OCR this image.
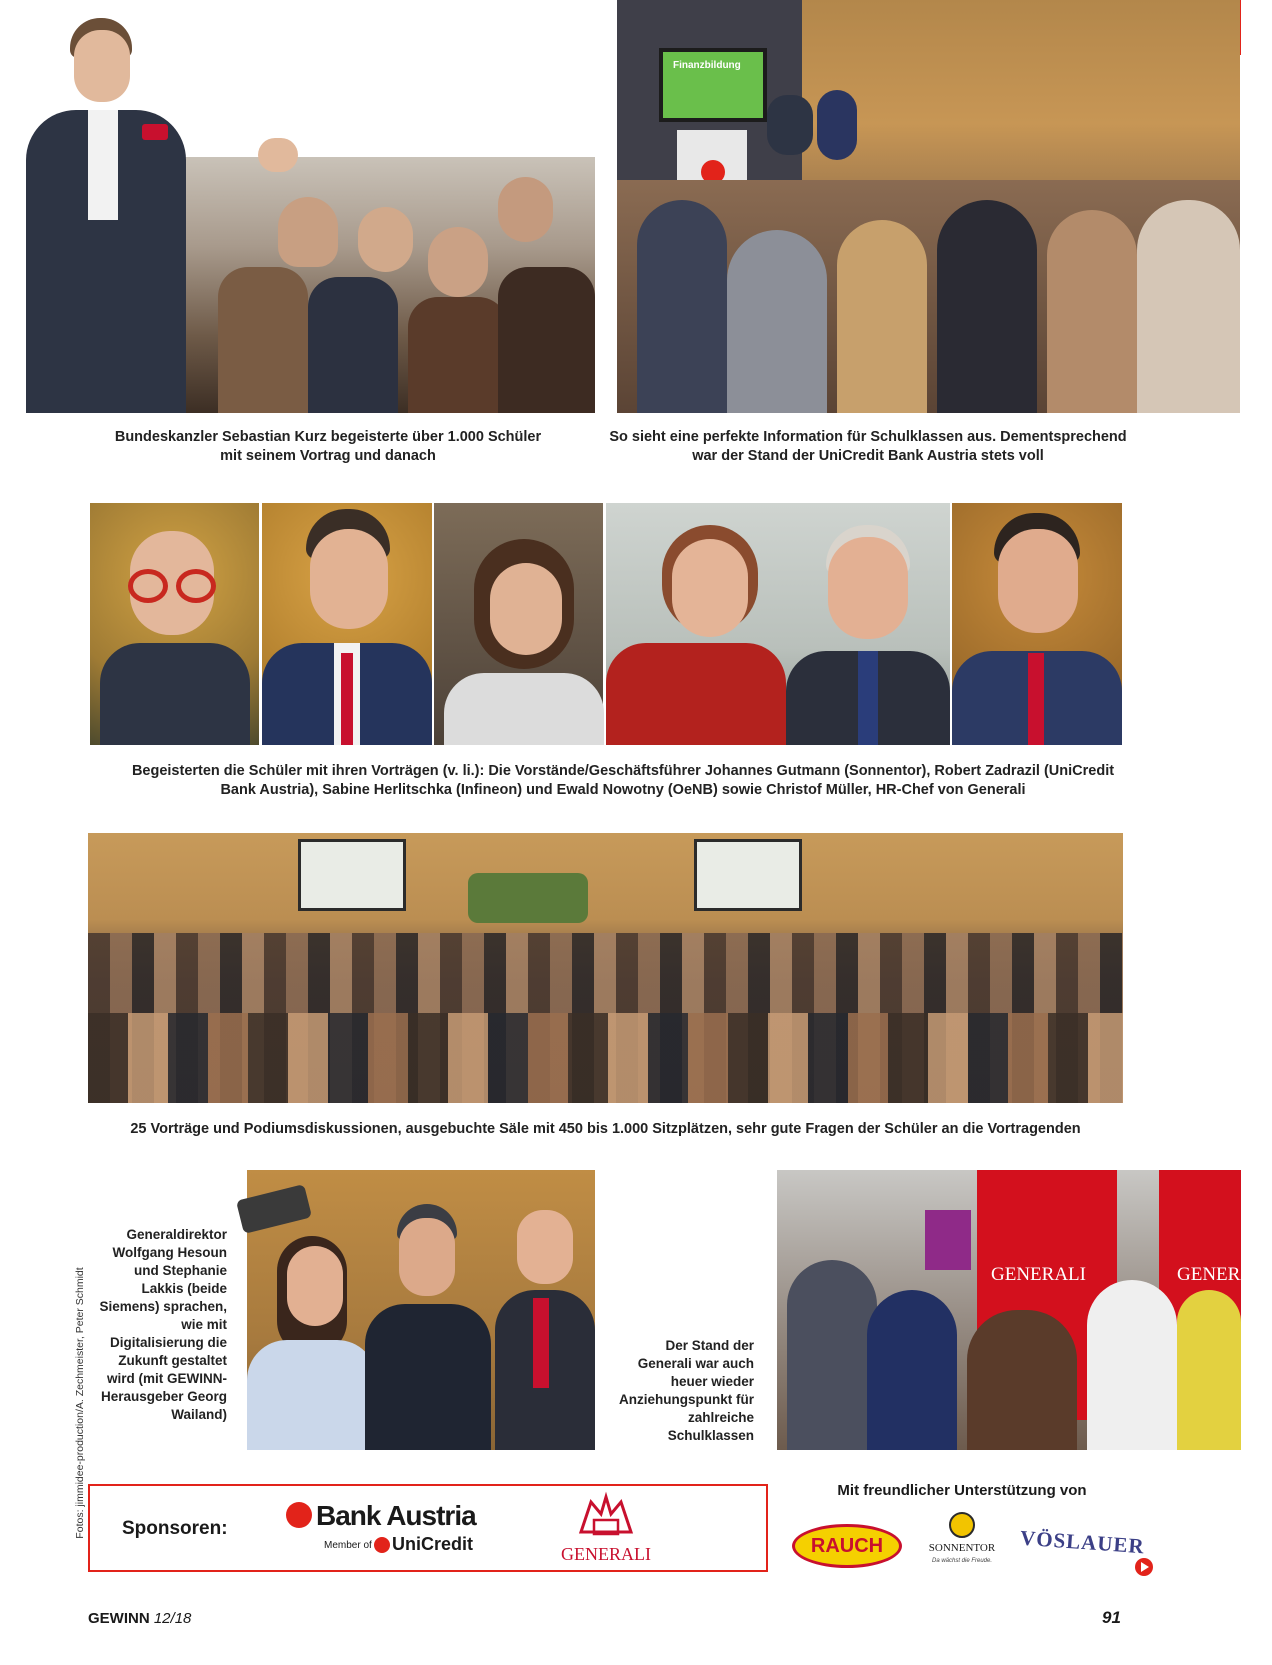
Finanzbildung
Bundeskanzler Sebastian Kurz begeisterte über 1.000 Schüler mit seinem Vortrag und danach
So sieht eine perfekte Information für Schulklassen aus. Dementsprechend war der Stand der UniCredit Bank Austria stets voll
Begeisterten die Schüler mit ihren Vorträgen (v. li.): Die Vorstände/Geschäftsführer Johannes Gutmann (Sonnentor), Robert Zadrazil (UniCredit Bank Austria), Sabine Herlitschka (Infineon) und Ewald Nowotny (OeNB) sowie Christof Müller, HR-Chef von Generali
25 Vorträge und Podiumsdiskussionen, ausgebuchte Säle mit 450 bis 1.000 Sitzplätzen, sehr gute Fragen der Schüler an die Vortragenden
Generaldirektor Wolfgang Hesoun und Stephanie Lakkis (beide Siemens) sprachen, wie mit Digitalisierung die Zukunft gestaltet wird (mit GEWINN-Herausgeber Georg Wailand)
GENERALI	GENERALI
Der Stand der Generali war auch heuer wieder Anziehungspunkt für zahlreiche Schulklassen
Fotos: jimmidee-production/A. Zechmeister, Peter Schmidt Sponsoren:	Bank Austria
Member of UniCredit	GENERALI
Mit freundlicher Unterstützung von
RAUCH	SONNENTOR
Da wächst die Freude.
VÖSLAUER
GEWINN 12/18	91
